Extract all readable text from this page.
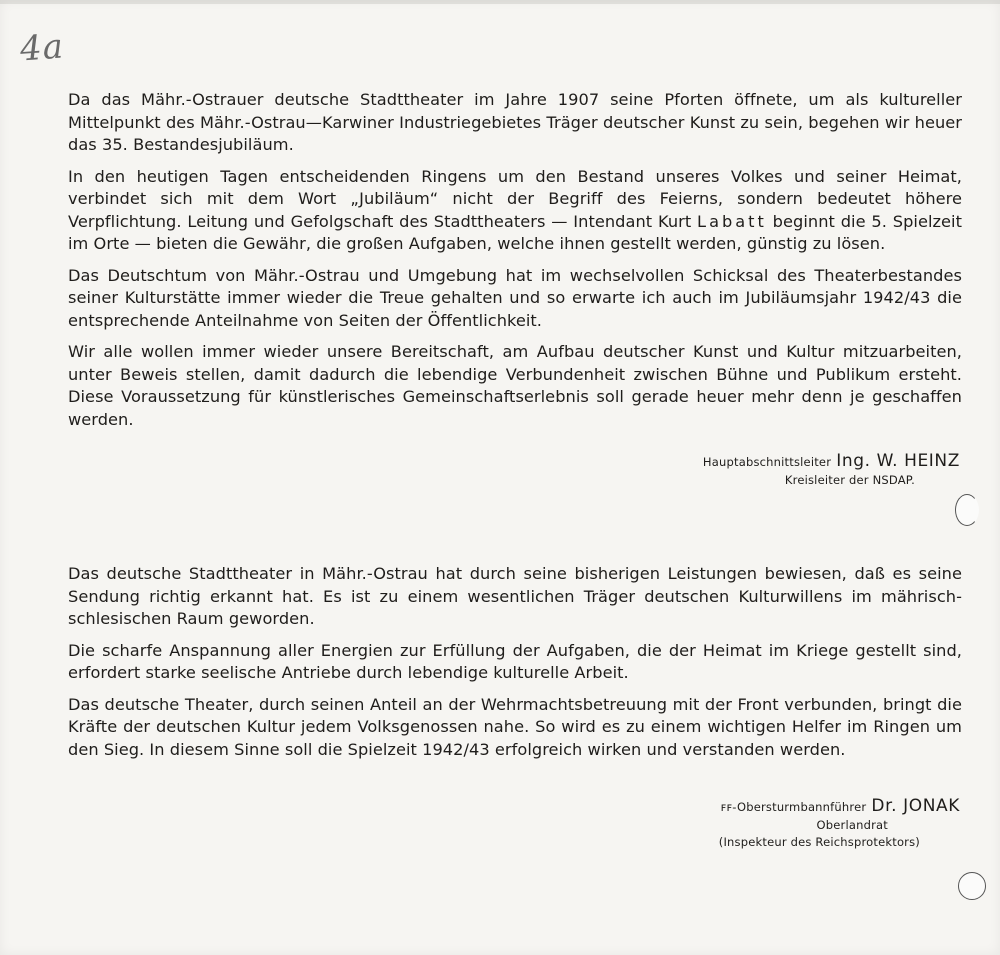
4a

Da das Mähr.-Ostrauer deutsche Stadttheater im Jahre 1907 seine Pforten öffnete, um als kultureller Mittelpunkt des Mähr.-Ostrau—Karwiner Industriegebietes Träger deutscher Kunst zu sein, begehen wir heuer das 35. Bestandesjubiläum.

In den heutigen Tagen entscheidenden Ringens um den Bestand unseres Volkes und seiner Heimat, verbindet sich mit dem Wort „Jubiläum“ nicht der Begriff des Feierns, sondern bedeutet höhere Verpflichtung. Leitung und Gefolgschaft des Stadttheaters — Intendant Kurt Labatt beginnt die 5. Spielzeit im Orte — bieten die Gewähr, die großen Aufgaben, welche ihnen gestellt werden, günstig zu lösen.

Das Deutschtum von Mähr.-Ostrau und Umgebung hat im wechselvollen Schicksal des Theaterbestandes seiner Kulturstätte immer wieder die Treue gehalten und so erwarte ich auch im Jubiläumsjahr 1942/43 die entsprechende Anteilnahme von Seiten der Öffentlichkeit.

Wir alle wollen immer wieder unsere Bereitschaft, am Aufbau deutscher Kunst und Kultur mitzuarbeiten, unter Beweis stellen, damit dadurch die lebendige Verbundenheit zwischen Bühne und Publikum ersteht. Diese Voraussetzung für künstlerisches Gemeinschaftserlebnis soll gerade heuer mehr denn je geschaffen werden.

Hauptabschnittsleiter Ing. W. HEINZ

Kreisleiter der NSDAP.

Das deutsche Stadttheater in Mähr.-Ostrau hat durch seine bisherigen Leistungen bewiesen, daß es seine Sendung richtig erkannt hat. Es ist zu einem wesentlichen Träger deutschen Kulturwillens im mährisch-schlesischen Raum geworden.

Die scharfe Anspannung aller Energien zur Erfüllung der Aufgaben, die der Heimat im Kriege gestellt sind, erfordert starke seelische Antriebe durch lebendige kulturelle Arbeit.

Das deutsche Theater, durch seinen Anteil an der Wehrmachtsbetreuung mit der Front verbunden, bringt die Kräfte der deutschen Kultur jedem Volksgenossen nahe. So wird es zu einem wichtigen Helfer im Ringen um den Sieg. In diesem Sinne soll die Spielzeit 1942/43 erfolgreich wirken und verstanden werden.

ꜰꜰ-Obersturmbannführer Dr. JONAK

Oberlandrat

(Inspekteur des Reichsprotektors)
